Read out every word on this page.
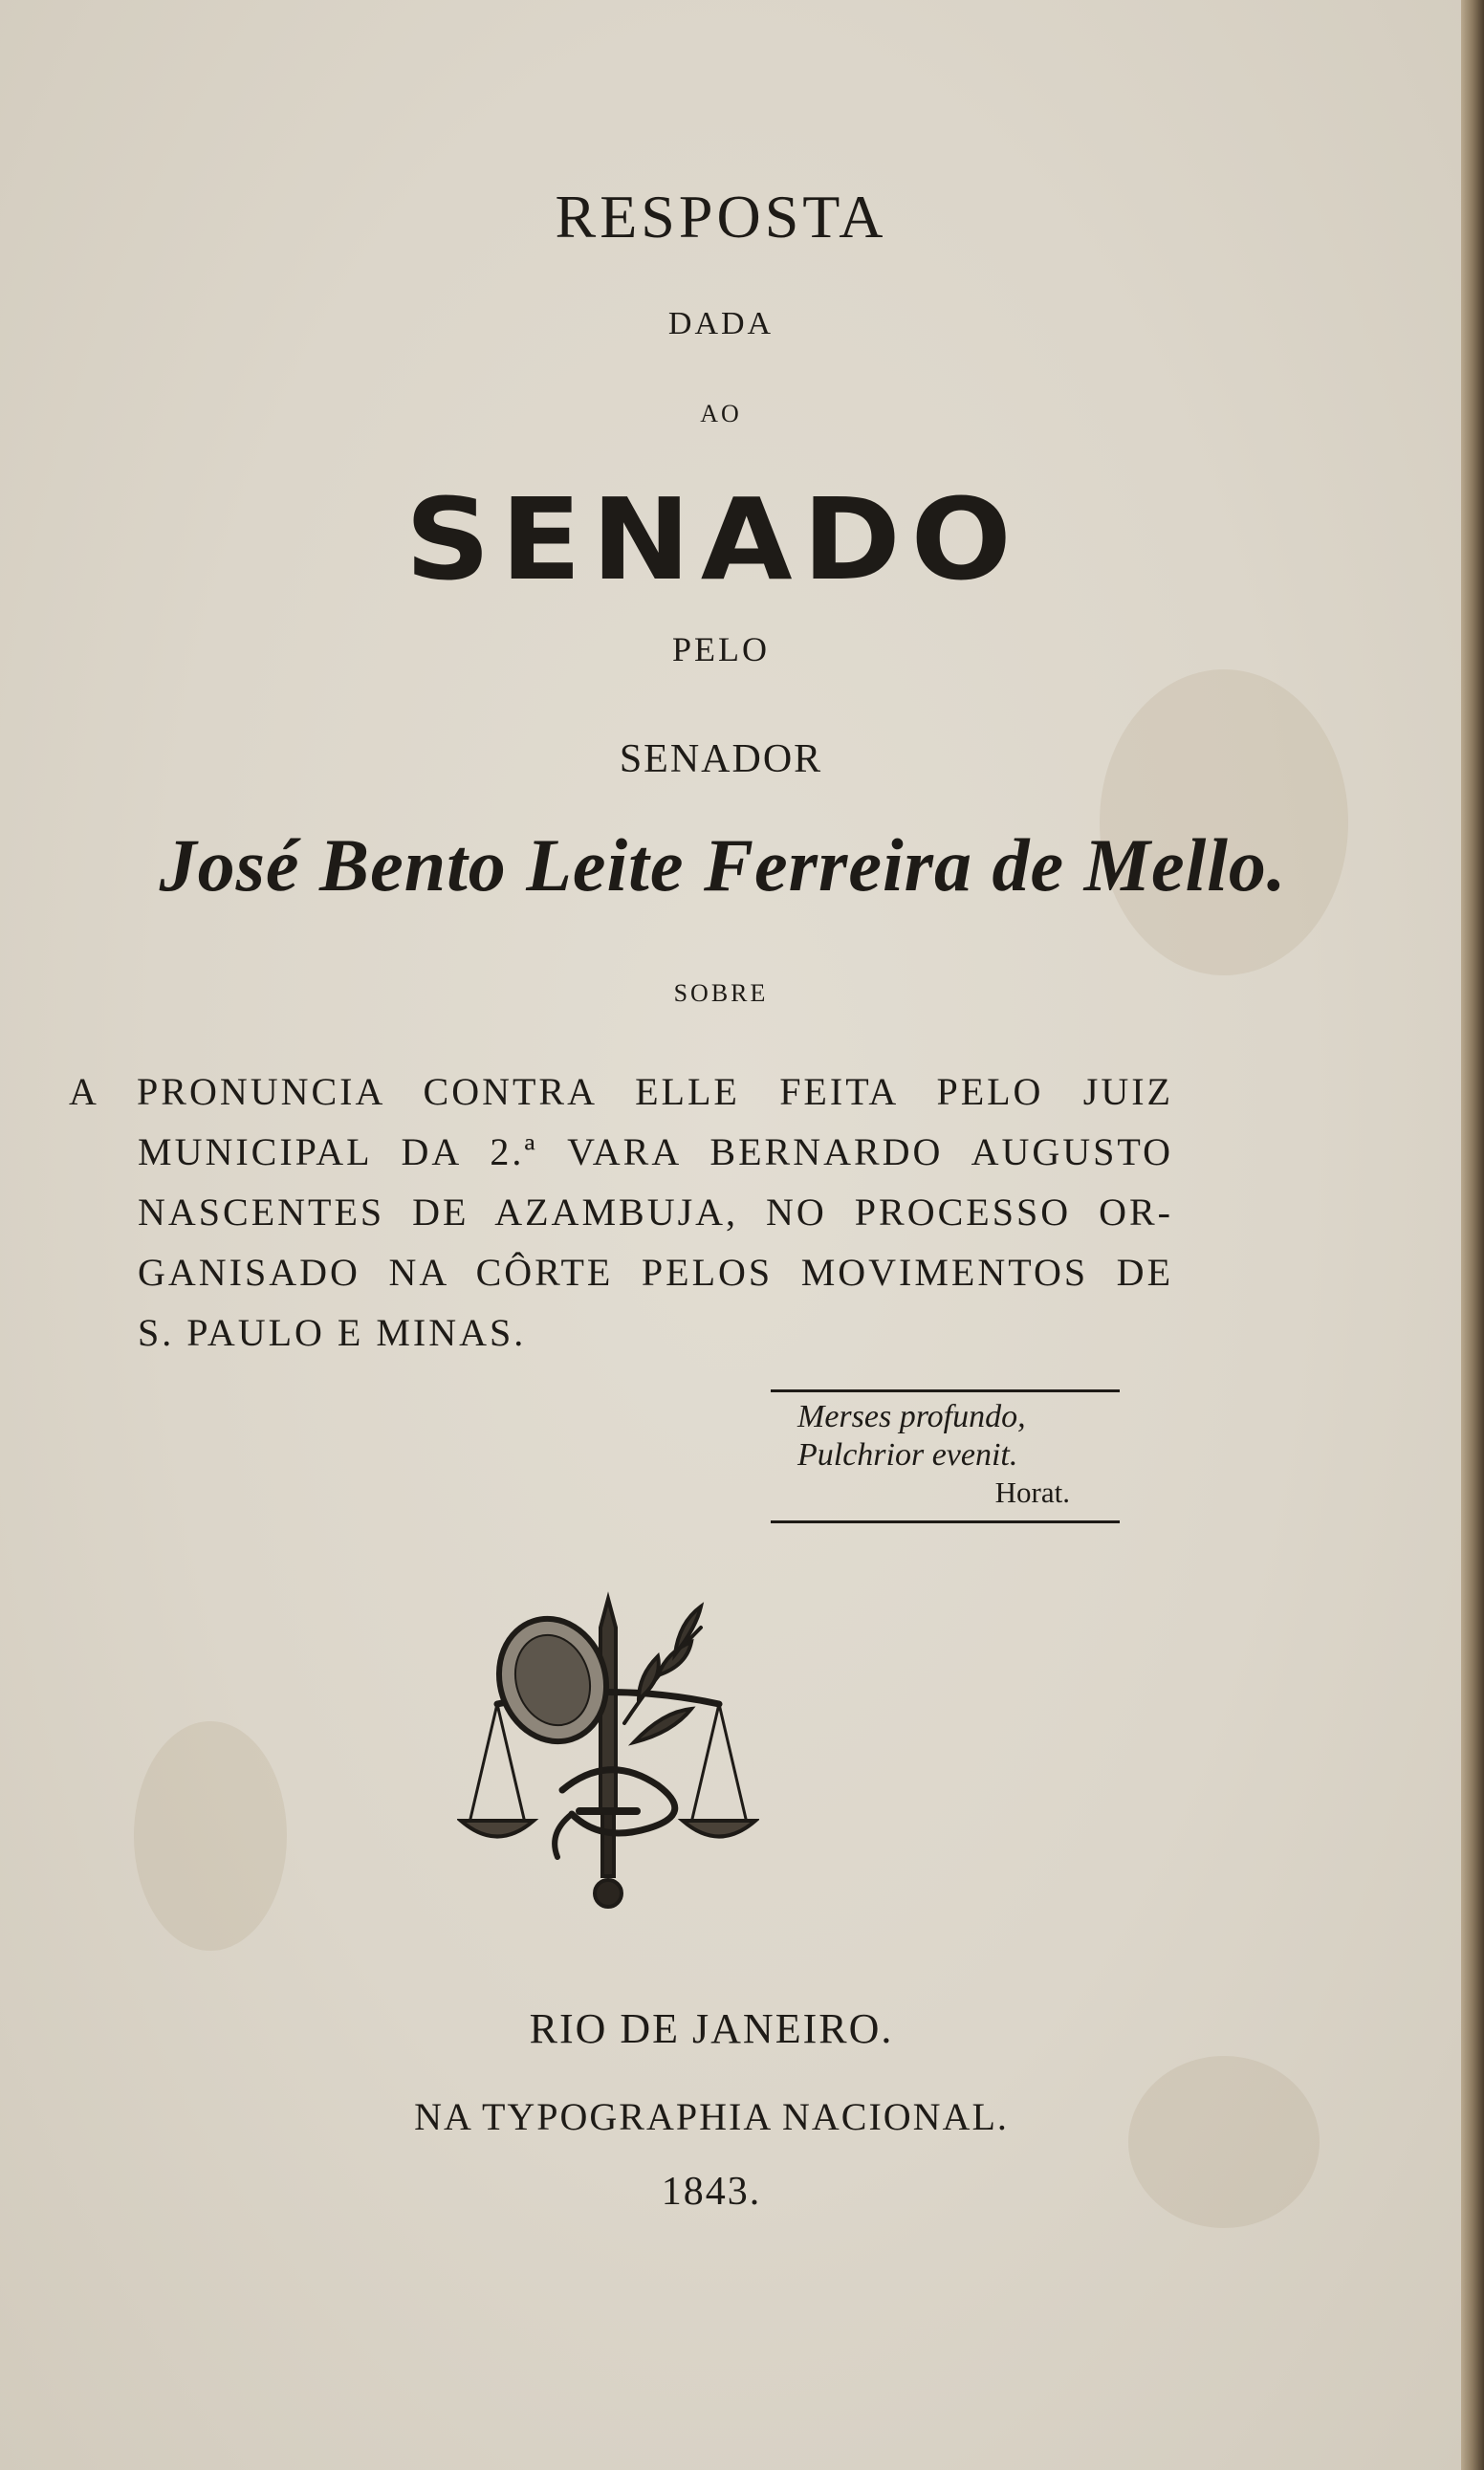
RESPOSTA
DADA
AO
SENADO
PELO
SENADOR
José Bento Leite Ferreira de Mello.
SOBRE
A PRONUNCIA CONTRA ELLE FEITA PELO JUIZ
MUNICIPAL DA 2.ª VARA BERNARDO AUGUSTO
NASCENTES DE AZAMBUJA, NO PROCESSO OR-
GANISADO NA CÔRTE PELOS MOVIMENTOS DE
S. PAULO E MINAS.
Merses profundo,
Pulchrior evenit.
Horat.
RIO DE JANEIRO.
NA TYPOGRAPHIA NACIONAL.
1843.
